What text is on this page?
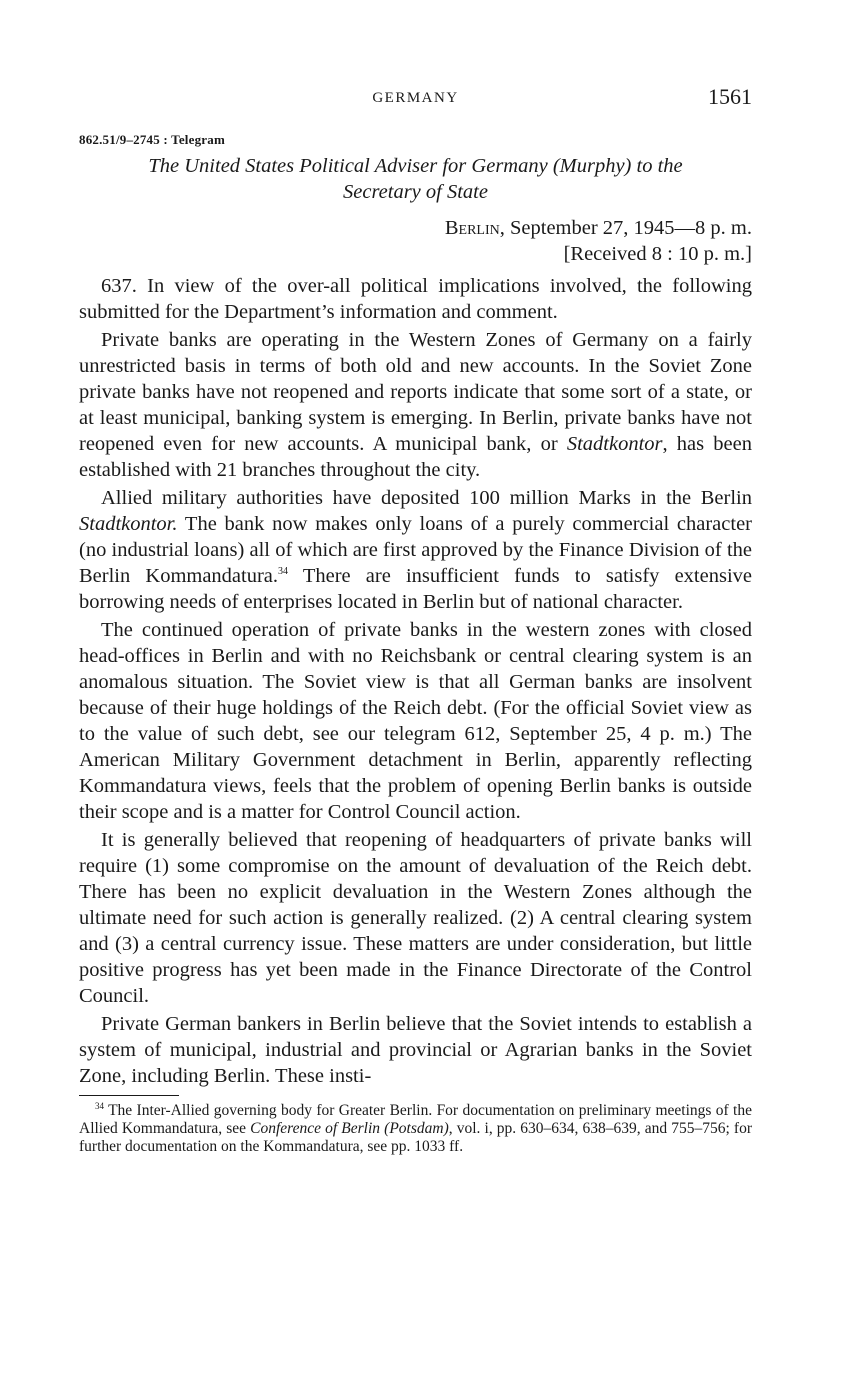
GERMANY	1561
862.51/9–2745 : Telegram
The United States Political Adviser for Germany (Murphy) to the
Secretary of State
Berlin, September 27, 1945—8 p. m.
[Received 8 : 10 p. m.]

637. In view of the over-all political implications involved, the following submitted for the Department’s information and comment.

Private banks are operating in the Western Zones of Germany on a fairly unrestricted basis in terms of both old and new accounts. In the Soviet Zone private banks have not reopened and reports indicate that some sort of a state, or at least municipal, banking system is emerging. In Berlin, private banks have not reopened even for new accounts. A municipal bank, or Stadtkontor, has been established with 21 branches throughout the city.

Allied military authorities have deposited 100 million Marks in the Berlin Stadtkontor. The bank now makes only loans of a purely commercial character (no industrial loans) all of which are first approved by the Finance Division of the Berlin Kommandatura.$^{34}$ There are insufficient funds to satisfy extensive borrowing needs of enterprises located in Berlin but of national character.

The continued operation of private banks in the western zones with closed head-offices in Berlin and with no Reichsbank or central clearing system is an anomalous situation. The Soviet view is that all German banks are insolvent because of their huge holdings of the Reich debt. (For the official Soviet view as to the value of such debt, see our telegram 612, September 25, 4 p. m.) The American Military Government detachment in Berlin, apparently reflecting Kommandatura views, feels that the problem of opening Berlin banks is outside their scope and is a matter for Control Council action.

It is generally believed that reopening of headquarters of private banks will require (1) some compromise on the amount of devaluation of the Reich debt. There has been no explicit devaluation in the Western Zones although the ultimate need for such action is generally realized. (2) A central clearing system and (3) a central currency issue. These matters are under consideration, but little positive progress has yet been made in the Finance Directorate of the Control Council.

Private German bankers in Berlin believe that the Soviet intends to establish a system of municipal, industrial and provincial or Agrarian banks in the Soviet Zone, including Berlin. These insti-

$^{34}$ The Inter-Allied governing body for Greater Berlin. For documentation on preliminary meetings of the Allied Kommandatura, see Conference of Berlin (Potsdam), vol. i, pp. 630–634, 638–639, and 755–756; for further documentation on the Kommandatura, see pp. 1033 ff.
